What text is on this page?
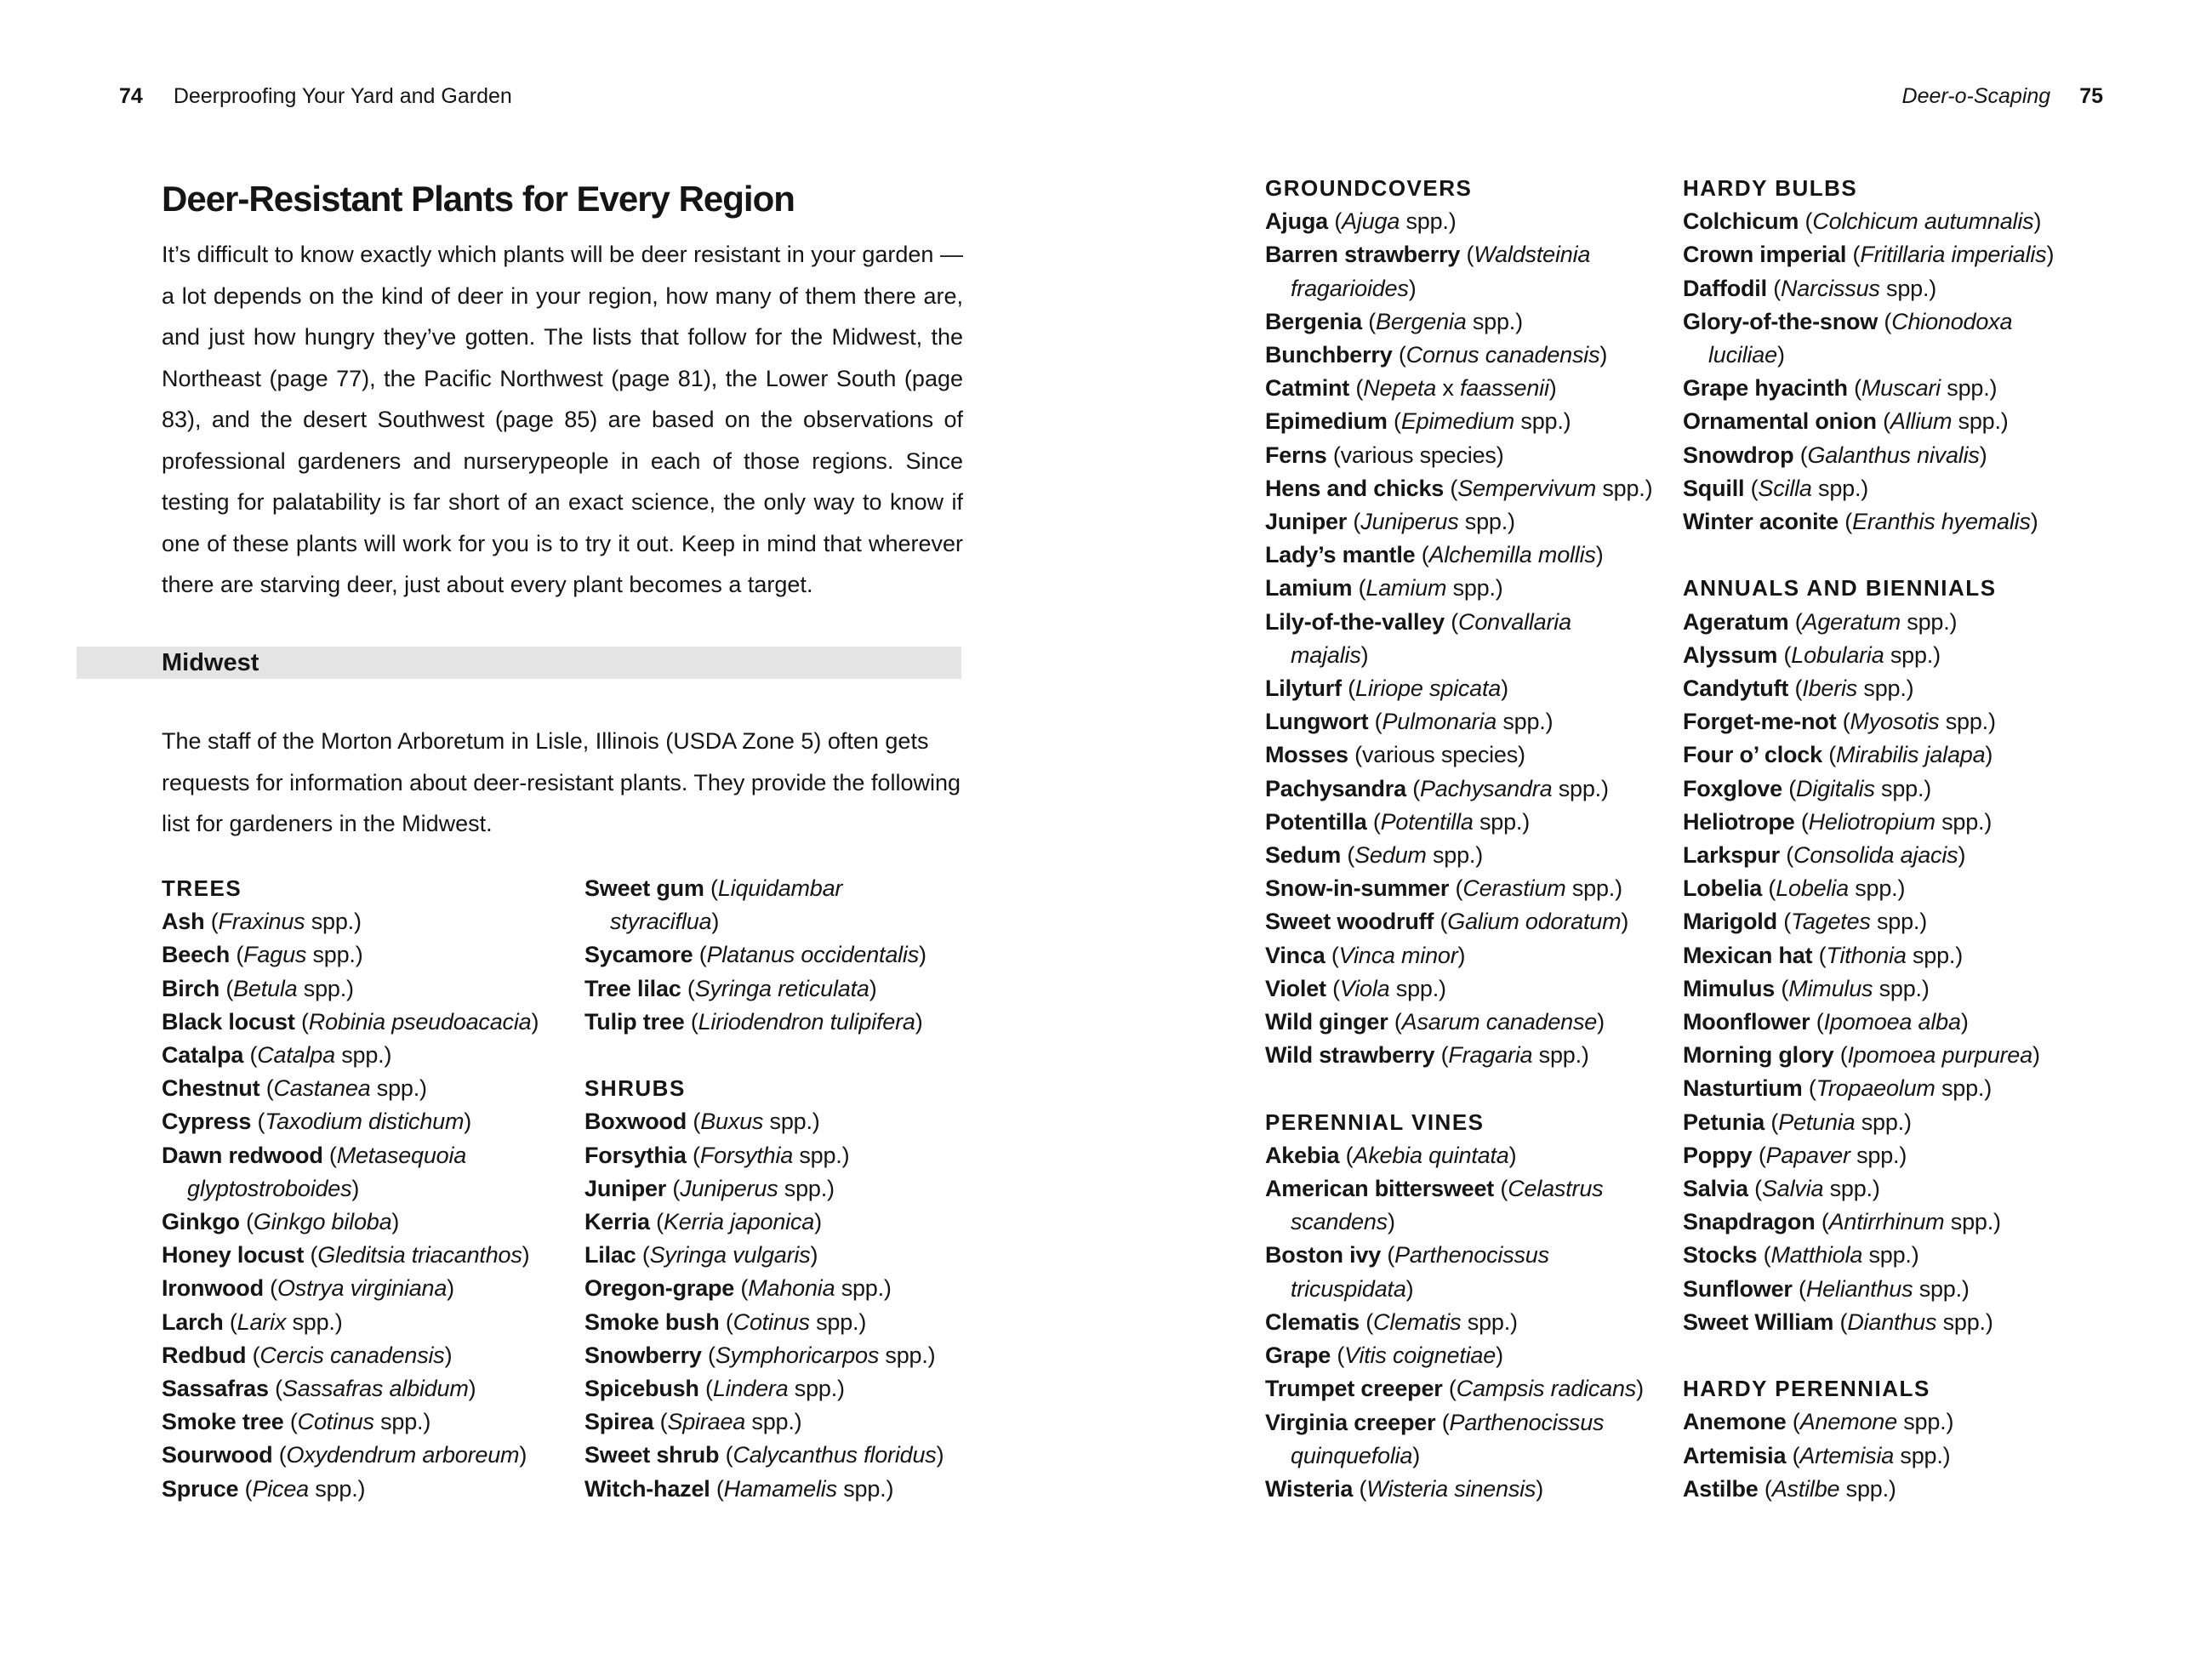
74 Deerproofing Your Yard and Garden	Deer-o-Scaping 75
Deer-Resistant Plants for Every Region

It’s difficult to know exactly which plants will be deer resistant in your garden — a lot depends on the kind of deer in your region, how many of them there are, and just how hungry they’ve gotten. The lists that follow for the Midwest, the Northeast (page 77), the Pacific Northwest (page 81), the Lower South (page 83), and the desert Southwest (page 85) are based on the observations of professional gardeners and nurserypeople in each of those regions. Since testing for palatability is far short of an exact science, the only way to know if one of these plants will work for you is to try it out. Keep in mind that wherever there are starving deer, just about every plant becomes a target.

Midwest

The staff of the Morton Arboretum in Lisle, Illinois (USDA Zone 5) often gets requests for information about deer-resistant plants. They provide the following list for gardeners in the Midwest.

TREES
Ash (Fraxinus spp.)
Beech (Fagus spp.)
Birch (Betula spp.)
Black locust (Robinia pseudoacacia)
Catalpa (Catalpa spp.)
Chestnut (Castanea spp.)
Cypress (Taxodium distichum)
Dawn redwood (Metasequoia
glyptostroboides)
Ginkgo (Ginkgo biloba)
Honey locust (Gleditsia triacanthos)
Ironwood (Ostrya virginiana)
Larch (Larix spp.)
Redbud (Cercis canadensis)
Sassafras (Sassafras albidum)
Smoke tree (Cotinus spp.)
Sourwood (Oxydendrum arboreum)
Spruce (Picea spp.)
Sweet gum (Liquidambar
styraciflua)
Sycamore (Platanus occidentalis)
Tree lilac (Syringa reticulata)
Tulip tree (Liriodendron tulipifera)
SHRUBS
Boxwood (Buxus spp.)
Forsythia (Forsythia spp.)
Juniper (Juniperus spp.)
Kerria (Kerria japonica)
Lilac (Syringa vulgaris)
Oregon-grape (Mahonia spp.)
Smoke bush (Cotinus spp.)
Snowberry (Symphoricarpos spp.)
Spicebush (Lindera spp.)
Spirea (Spiraea spp.)
Sweet shrub (Calycanthus floridus)
Witch-hazel (Hamamelis spp.)
GROUNDCOVERS
Ajuga (Ajuga spp.)
Barren strawberry (Waldsteinia
fragarioides)
Bergenia (Bergenia spp.)
Bunchberry (Cornus canadensis)
Catmint (Nepeta x faassenii)
Epimedium (Epimedium spp.)
Ferns (various species)
Hens and chicks (Sempervivum spp.)
Juniper (Juniperus spp.)
Lady’s mantle (Alchemilla mollis)
Lamium (Lamium spp.)
Lily-of-the-valley (Convallaria
majalis)
Lilyturf (Liriope spicata)
Lungwort (Pulmonaria spp.)
Mosses (various species)
Pachysandra (Pachysandra spp.)
Potentilla (Potentilla spp.)
Sedum (Sedum spp.)
Snow-in-summer (Cerastium spp.)
Sweet woodruff (Galium odoratum)
Vinca (Vinca minor)
Violet (Viola spp.)
Wild ginger (Asarum canadense)
Wild strawberry (Fragaria spp.)
PERENNIAL VINES
Akebia (Akebia quintata)
American bittersweet (Celastrus
scandens)
Boston ivy (Parthenocissus
tricuspidata)
Clematis (Clematis spp.)
Grape (Vitis coignetiae)
Trumpet creeper (Campsis radicans)
Virginia creeper (Parthenocissus
quinquefolia)
Wisteria (Wisteria sinensis)
HARDY BULBS
Colchicum (Colchicum autumnalis)
Crown imperial (Fritillaria imperialis)
Daffodil (Narcissus spp.)
Glory-of-the-snow (Chionodoxa
luciliae)
Grape hyacinth (Muscari spp.)
Ornamental onion (Allium spp.)
Snowdrop (Galanthus nivalis)
Squill (Scilla spp.)
Winter aconite (Eranthis hyemalis)
ANNUALS AND BIENNIALS
Ageratum (Ageratum spp.)
Alyssum (Lobularia spp.)
Candytuft (Iberis spp.)
Forget-me-not (Myosotis spp.)
Four o’ clock (Mirabilis jalapa)
Foxglove (Digitalis spp.)
Heliotrope (Heliotropium spp.)
Larkspur (Consolida ajacis)
Lobelia (Lobelia spp.)
Marigold (Tagetes spp.)
Mexican hat (Tithonia spp.)
Mimulus (Mimulus spp.)
Moonflower (Ipomoea alba)
Morning glory (Ipomoea purpurea)
Nasturtium (Tropaeolum spp.)
Petunia (Petunia spp.)
Poppy (Papaver spp.)
Salvia (Salvia spp.)
Snapdragon (Antirrhinum spp.)
Stocks (Matthiola spp.)
Sunflower (Helianthus spp.)
Sweet William (Dianthus spp.)
HARDY PERENNIALS
Anemone (Anemone spp.)
Artemisia (Artemisia spp.)
Astilbe (Astilbe spp.)
